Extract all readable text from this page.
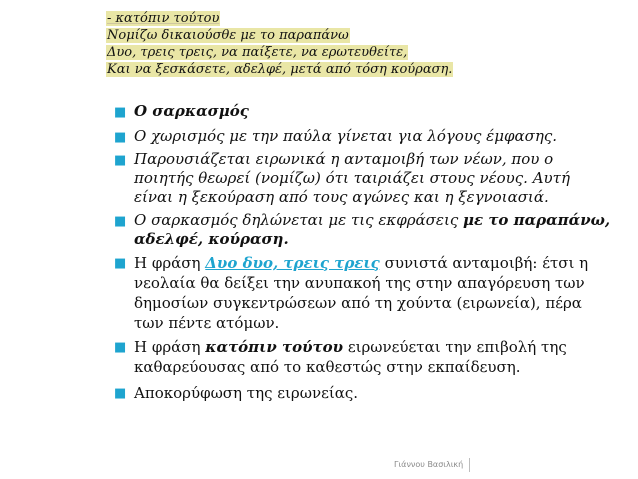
- κατόπιν τούτου
Νομίζω δικαιούσθε με το παραπάνω
Δυο, τρεις τρεις, να παίξετε, να ερωτευθείτε,
Και να ξεσκάσετε, αδελφέ, μετά από τόση κούραση.
■ Ο σαρκασμός
■ Ο χωρισμός με την παύλα γίνεται για λόγους έμφασης.
■ Παρουσιάζεται ειρωνικά η ανταμοιβή των νέων, που ο ποιητής θεωρεί (νομίζω) ότι ταιριάζει στους νέους. Αυτή είναι η ξεκούραση από τους αγώνες και η ξεγνοιασιά.
■ Ο σαρκασμός δηλώνεται με τις εκφράσεις με το παραπάνω, αδελφέ, κούραση.
■ Η φράση Δυο δυο, τρεις τρεις συνιστά ανταμοιβή: έτσι η νεολαία θα δείξει την ανυπακοή της στην απαγόρευση των δημοσίων συγκεντρώσεων από τη χούντα (ειρωνεία), πέρα των πέντε ατόμων.
■ Η φράση κατόπιν τούτου ειρωνεύεται την επιβολή της καθαρεύουσας από το καθεστώς στην εκπαίδευση.
■ Αποκορύφωση της ειρωνείας.
Γιάννου Βασιλική
